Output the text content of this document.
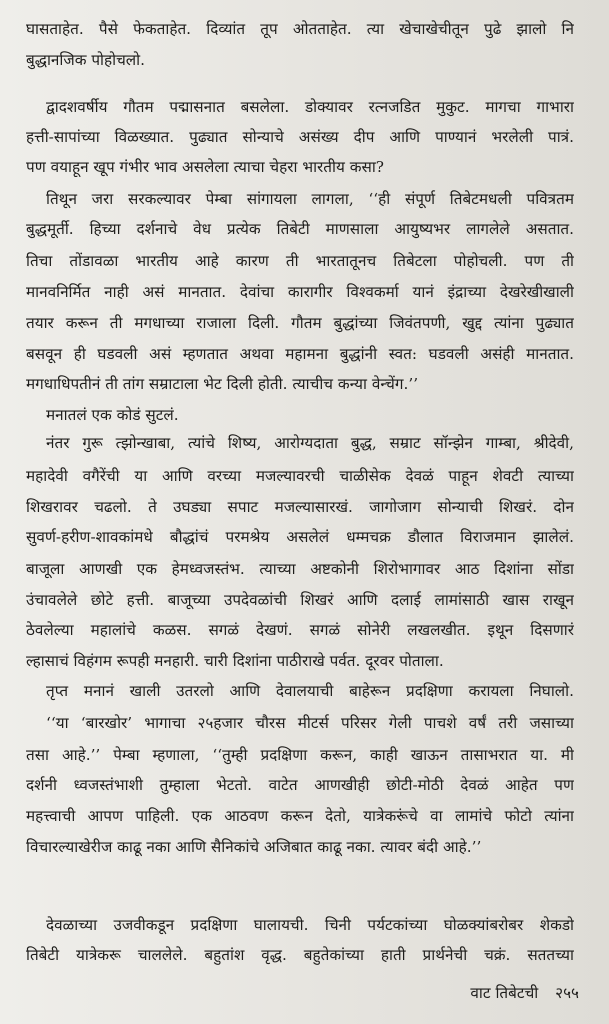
घासताहेत. पैसे फेकताहेत. दिव्यांत तूप ओतताहेत. त्या खेचाखेचीतून पुढे झालो नि
बुद्धानजिक पोहोचलो.
द्वादशवर्षीय गौतम पद्मासनात बसलेला. डोक्यावर रत्नजडित मुकुट. मागचा गाभारा
हत्ती-सापांच्या विळख्यात. पुढ्यात सोन्याचे असंख्य दीप आणि पाण्यानं भरलेली पात्रं.
पण वयाहून खूप गंभीर भाव असलेला त्याचा चेहरा भारतीय कसा?
तिथून जरा सरकल्यावर पेम्बा सांगायला लागला, ‘‘ही संपूर्ण तिबेटमधली पवित्रतम
बुद्धमूर्ती. हिच्या दर्शनाचे वेध प्रत्येक तिबेटी माणसाला आयुष्यभर लागलेले असतात.
तिचा तोंडावळा भारतीय आहे कारण ती भारतातूनच तिबेटला पोहोचली. पण ती
मानवनिर्मित नाही असं मानतात. देवांचा कारागीर विश्वकर्मा यानं इंद्राच्या देखरेखीखाली
तयार करून ती मगधाच्या राजाला दिली. गौतम बुद्धांच्या जिवंतपणी, खुद्द त्यांना पुढ्यात
बसवून ही घडवली असं म्हणतात अथवा महामना बुद्धांनी स्वत: घडवली असंही मानतात.
मगधाधिपतीनं ती तांग सम्राटाला भेट दिली होती. त्याचीच कन्या वेन्चेंग.’’
मनातलं एक कोडं सुटलं.
नंतर गुरू त्झोन्खाबा, त्यांचे शिष्य, आरोग्यदाता बुद्ध, सम्राट सॉन्झेन गाम्बा, श्रीदेवी,
महादेवी वगैरेंची या आणि वरच्या मजल्यावरची चाळीसेक देवळं पाहून शेवटी त्याच्या
शिखरावर चढलो. ते उघड्या सपाट मजल्यासारखं. जागोजाग सोन्याची शिखरं. दोन
सुवर्ण-हरीण-शावकांमधे बौद्धांचं परमश्रेय असलेलं धम्मचक्र डौलात विराजमान झालेलं.
बाजूला आणखी एक हेमध्वजस्तंभ. त्याच्या अष्टकोनी शिरोभागावर आठ दिशांना सोंडा
उंचावलेले छोटे हत्ती. बाजूच्या उपदेवळांची शिखरं आणि दलाई लामांसाठी खास राखून
ठेवलेल्या महालांचे कळस. सगळं देखणं. सगळं सोनेरी लखलखीत. इथून दिसणारं
ल्हासाचं विहंगम रूपही मनहारी. चारी दिशांना पाठीराखे पर्वत. दूरवर पोताला.
तृप्त मनानं खाली उतरलो आणि देवालयाची बाहेरून प्रदक्षिणा करायला निघालो.
‘‘या ‘बारखोर’ भागाचा २५हजार चौरस मीटर्स परिसर गेली पाचशे वर्षं तरी जसाच्या
तसा आहे.’’ पेम्बा म्हणाला, ‘‘तुम्ही प्रदक्षिणा करून, काही खाऊन तासाभरात या. मी
दर्शनी ध्वजस्तंभाशी तुम्हाला भेटतो. वाटेत आणखीही छोटी-मोठी देवळं आहेत पण
महत्त्वाची आपण पाहिली. एक आठवण करून देतो, यात्रेकरूंचे वा लामांचे फोटो त्यांना
विचारल्याखेरीज काढू नका आणि सैनिकांचे अजिबात काढू नका. त्यावर बंदी आहे.’’
देवळाच्या उजवीकडून प्रदक्षिणा घालायची. चिनी पर्यटकांच्या घोळक्यांबरोबर शेकडो
तिबेटी यात्रेकरू चाललेले. बहुतांश वृद्ध. बहुतेकांच्या हाती प्रार्थनेची चक्रं. सततच्या
वाट तिबेटची २५५
